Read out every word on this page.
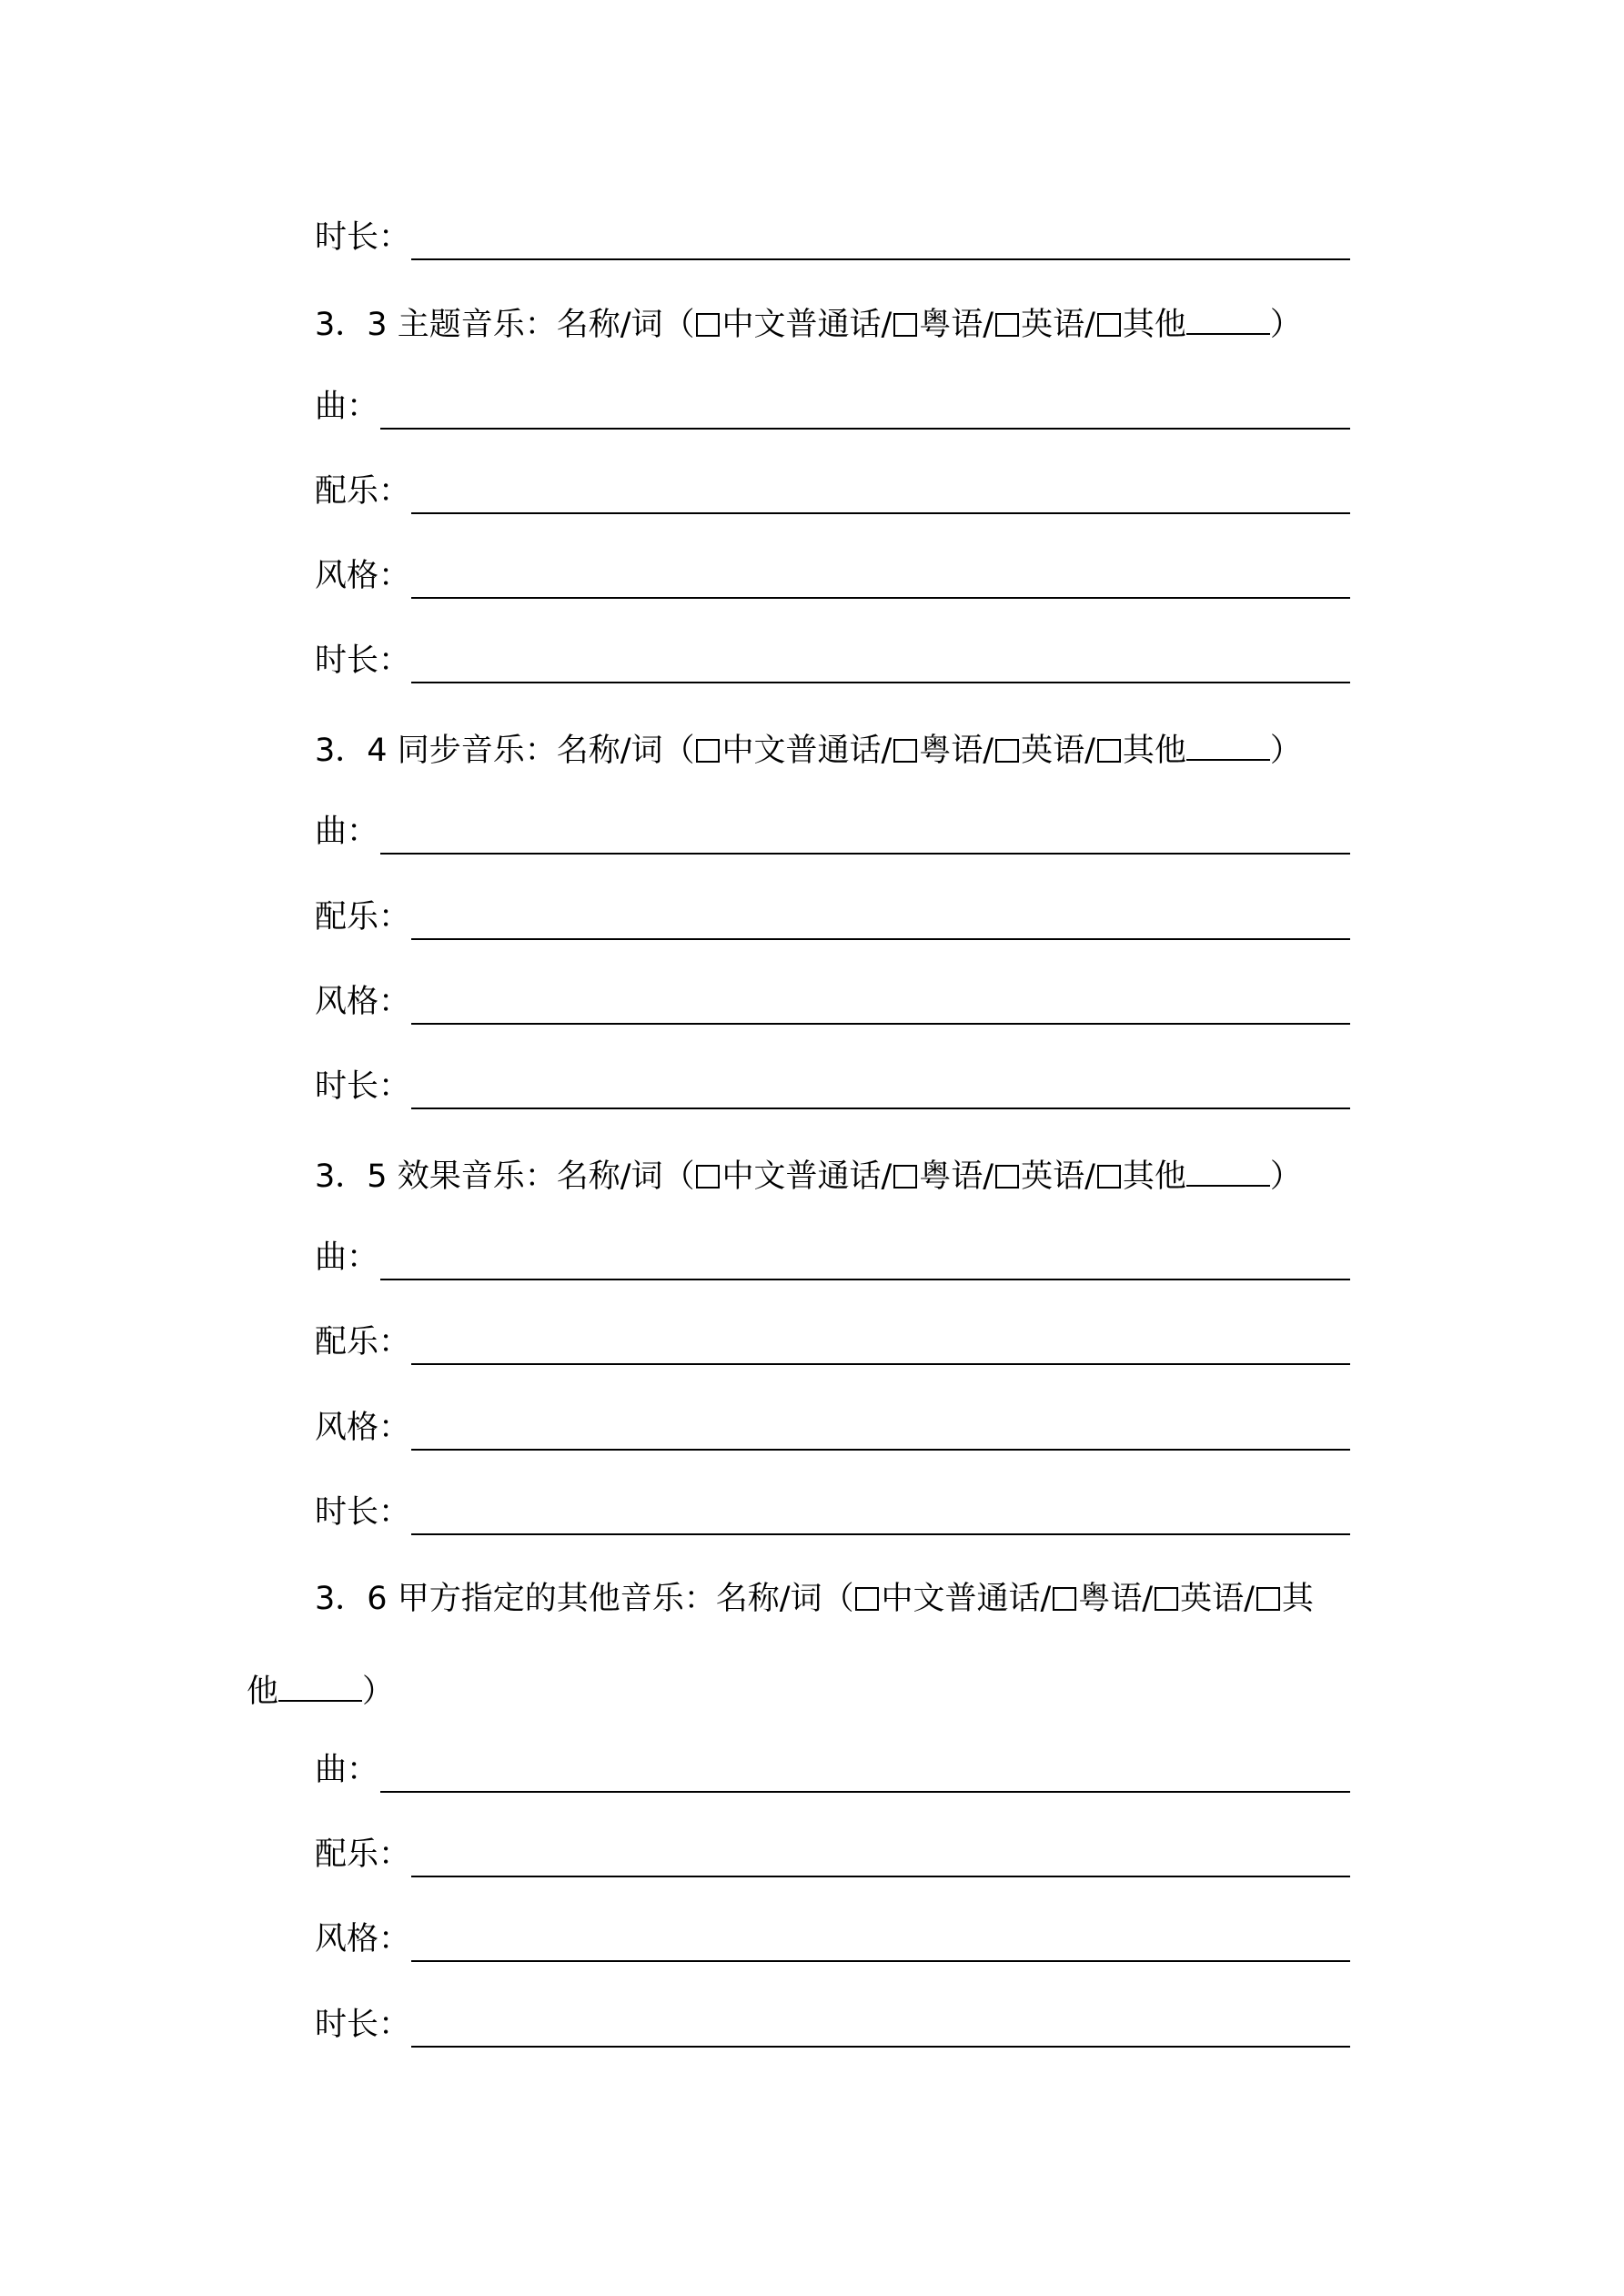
时长：
3．3 主题音乐：名称/词（ 中文普通话/ 粤语/ 英语/ 其他	）
曲：
配乐：
风格：
时长：
3．4 同步音乐：名称/词（ 中文普通话/ 粤语/ 英语/ 其他	）
曲：
配乐：
风格：
时长：
3．5 效果音乐：名称/词（ 中文普通话/ 粤语/ 英语/ 其他	）
曲：
配乐：
风格：
时长：
3．6 甲方指定的其他音乐：名称/词（ 中文普通话/ 粤语/ 英语/ 其
他	）
曲：
配乐：
风格：
时长：
